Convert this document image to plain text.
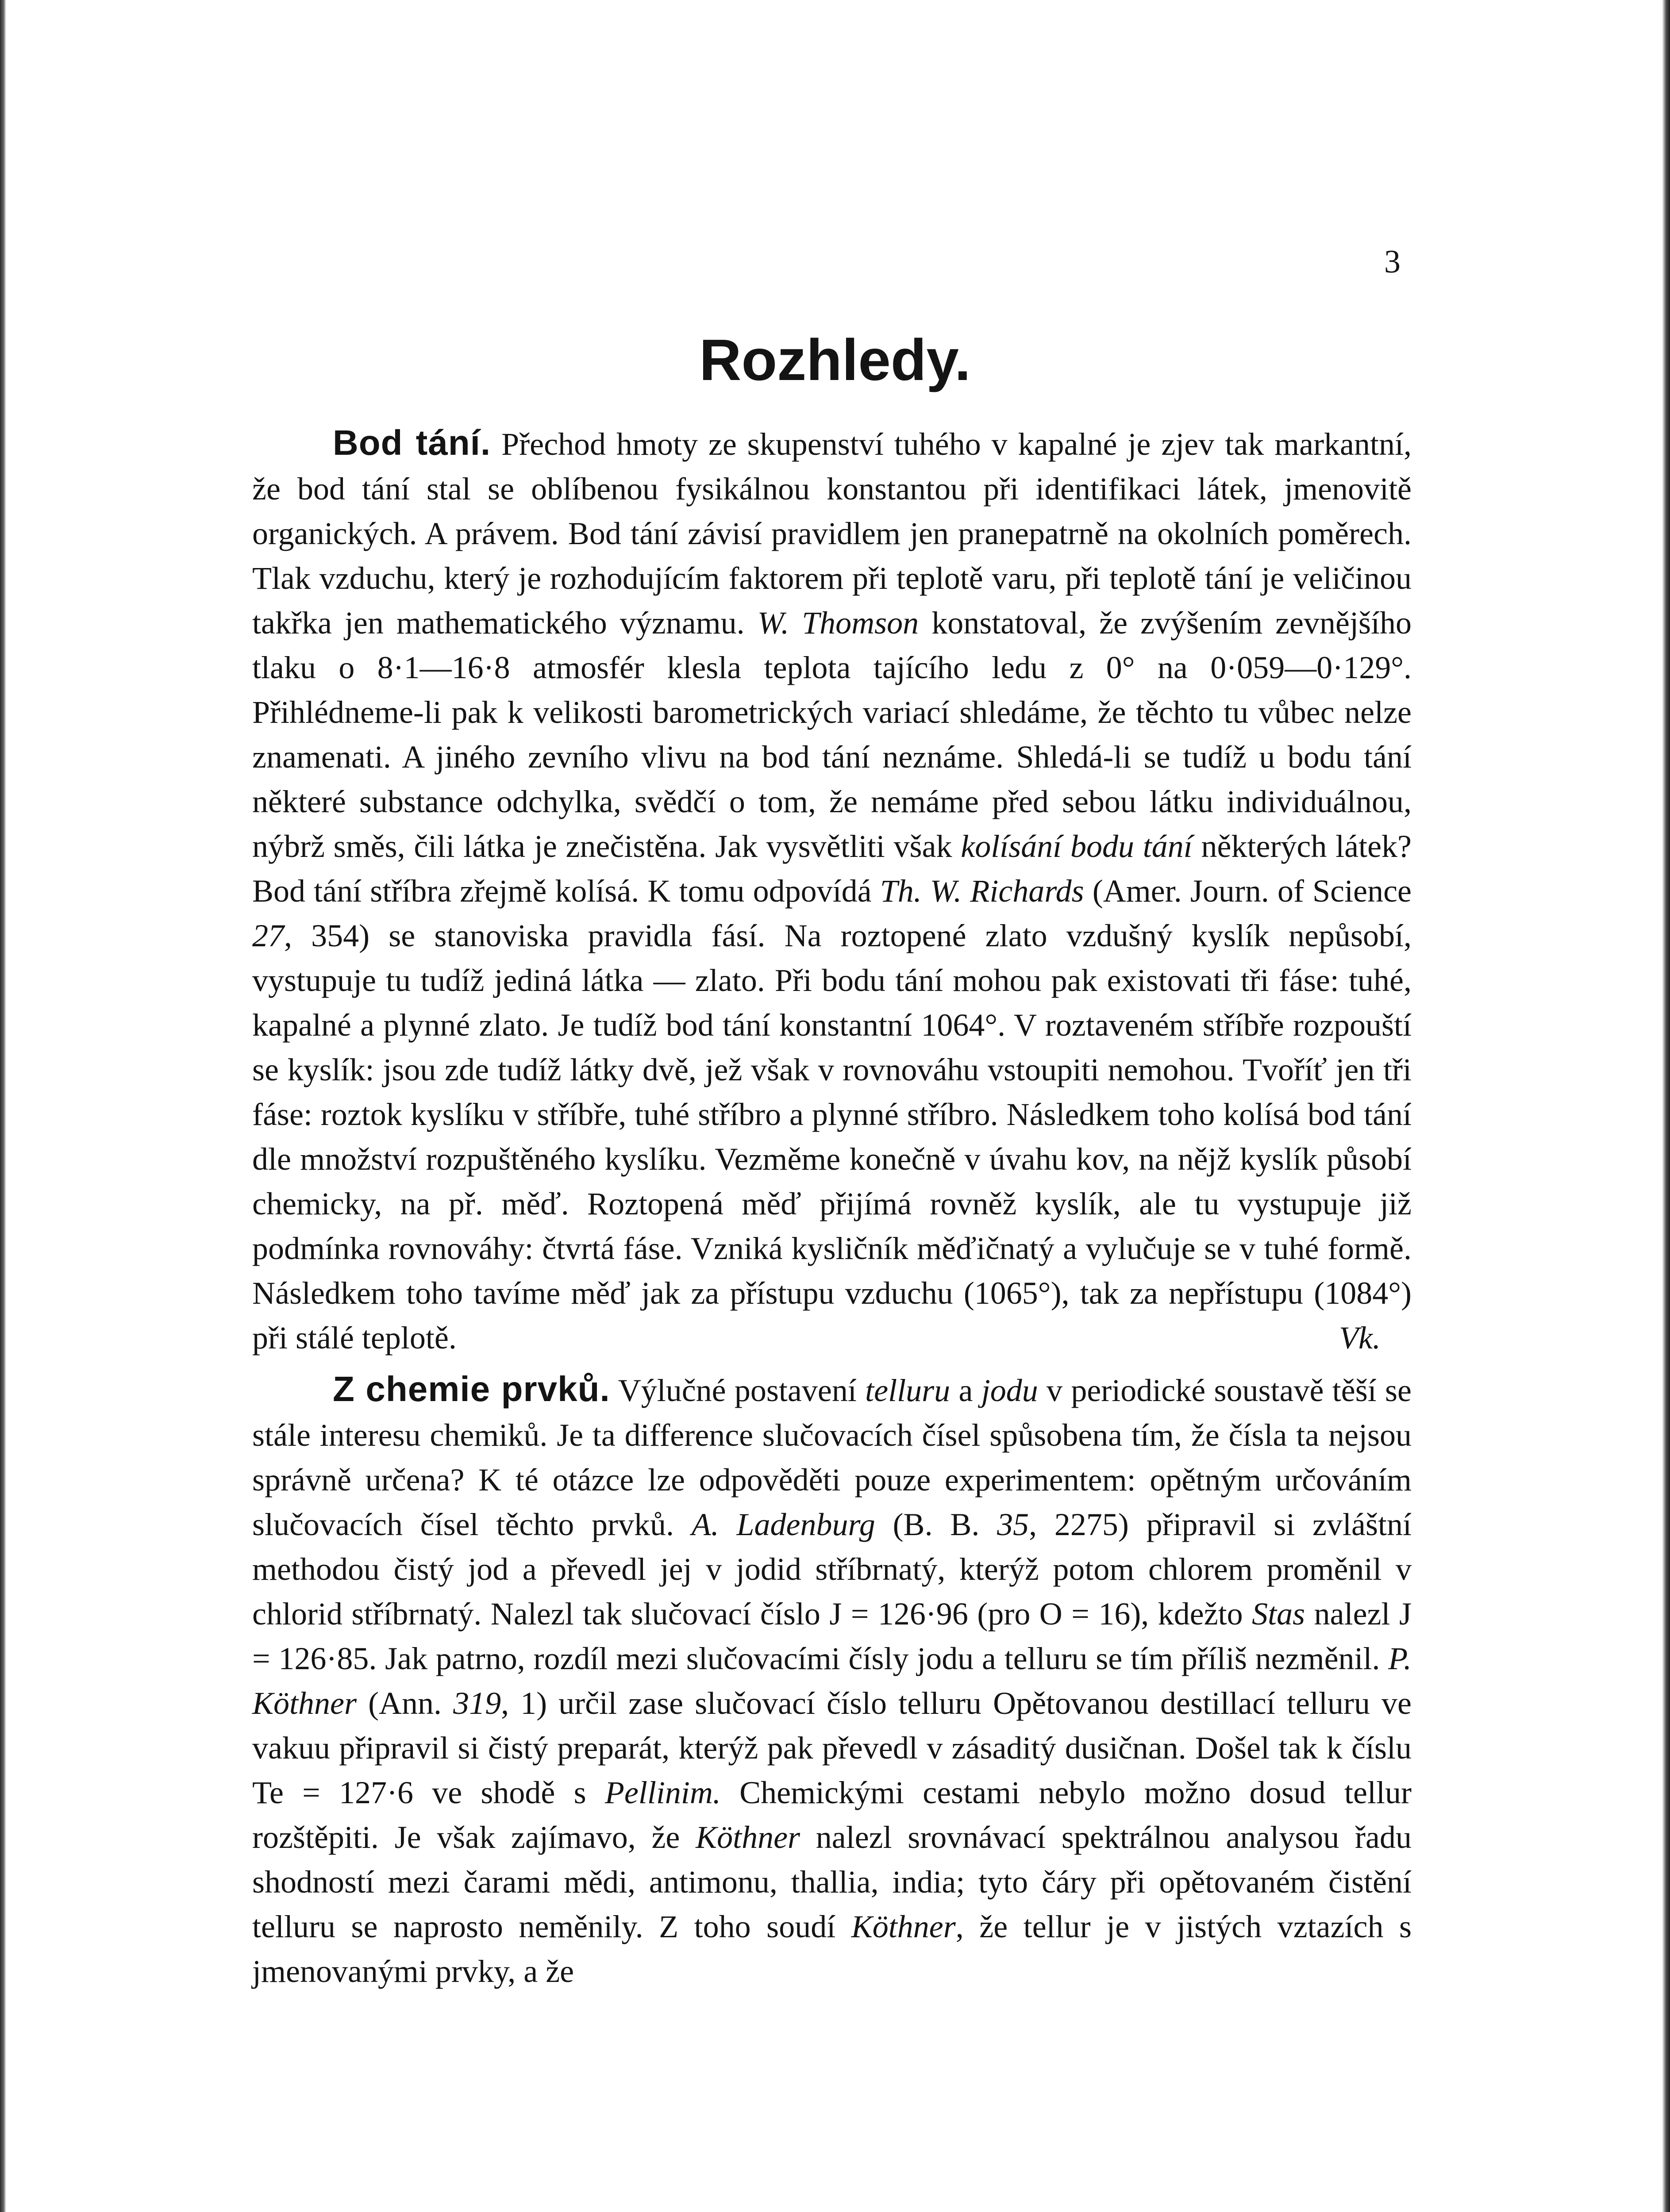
3
Rozhledy.

Bod tání. Přechod hmoty ze skupenství tuhého v kapalné je zjev tak markantní, že bod tání stal se oblíbenou fysikálnou konstantou při identifikaci látek, jmenovitě organických. A právem. Bod tání závisí pravidlem jen pranepatrně na okolních poměrech. Tlak vzduchu, který je rozhodujícím faktorem při teplotě varu, při teplotě tání je veličinou takřka jen mathematického významu. W. Thomson konstatoval, že zvýšením zevnějšího tlaku o 8·1—16·8 atmosfér klesla teplota tajícího ledu z 0° na 0·059—0·129°. Přihlédneme-li pak k velikosti barometrických variací shledáme, že těchto tu vůbec nelze znamenati. A jiného zevního vlivu na bod tání neznáme. Shledá-li se tudíž u bodu tání některé substance odchylka, svědčí o tom, že nemáme před sebou látku individuálnou, nýbrž směs, čili látka je znečistěna. Jak vysvětliti však kolísání bodu tání některých látek? Bod tání stříbra zřejmě kolísá. K tomu odpovídá Th. W. Richards (Amer. Journ. of Science 27, 354) se stanoviska pravidla fásí. Na roztopené zlato vzdušný kyslík nepůsobí, vystupuje tu tudíž jediná látka — zlato. Při bodu tání mohou pak existovati tři fáse: tuhé, kapalné a plynné zlato. Je tudíž bod tání konstantní 1064°. V roztaveném stříbře rozpouští se kyslík: jsou zde tudíž látky dvě, jež však v rovnováhu vstoupiti nemohou. Tvoříť jen tři fáse: roztok kyslíku v stříbře, tuhé stříbro a plynné stříbro. Následkem toho kolísá bod tání dle množství rozpuštěného kyslíku. Vezměme konečně v úvahu kov, na nějž kyslík působí chemicky, na př. měď. Roztopená měď přijímá rovněž kyslík, ale tu vystupuje již podmínka rovnováhy: čtvrtá fáse. Vzniká kysličník měďičnatý a vylučuje se v tuhé formě. Následkem toho tavíme měď jak za přístupu vzduchu (1065°), tak za nepřístupu (1084°) při stálé teplotě.	Vk.

Z chemie prvků. Výlučné postavení telluru a jodu v periodické soustavě těší se stále interesu chemiků. Je ta difference slučovacích čísel spůsobena tím, že čísla ta nejsou správně určena? K té otázce lze odpověděti pouze experimentem: opětným určováním slučovacích čísel těchto prvků. A. Ladenburg (B. B. 35, 2275) připravil si zvláštní methodou čistý jod a převedl jej v jodid stříbrnatý, kterýž potom chlorem proměnil v chlorid stříbrnatý. Nalezl tak slučovací číslo J = 126·96 (pro O = 16), kdežto Stas nalezl J = 126·85. Jak patrno, rozdíl mezi slučovacími čísly jodu a telluru se tím příliš nezměnil. P. Köthner (Ann. 319, 1) určil zase slučovací číslo telluru Opětovanou destillací telluru ve vakuu připravil si čistý preparát, kterýž pak převedl v zásaditý dusičnan. Došel tak k číslu Te = 127·6 ve shodě s Pellinim. Chemickými cestami nebylo možno dosud tellur rozštěpiti. Je však zajímavo, že Köthner nalezl srovnávací spektrálnou analysou řadu shodností mezi čarami mědi, antimonu, thallia, india; tyto čáry při opětovaném čistění telluru se naprosto neměnily. Z toho soudí Köthner, že tellur je v jistých vztazích s jmenovanými prvky, a že
